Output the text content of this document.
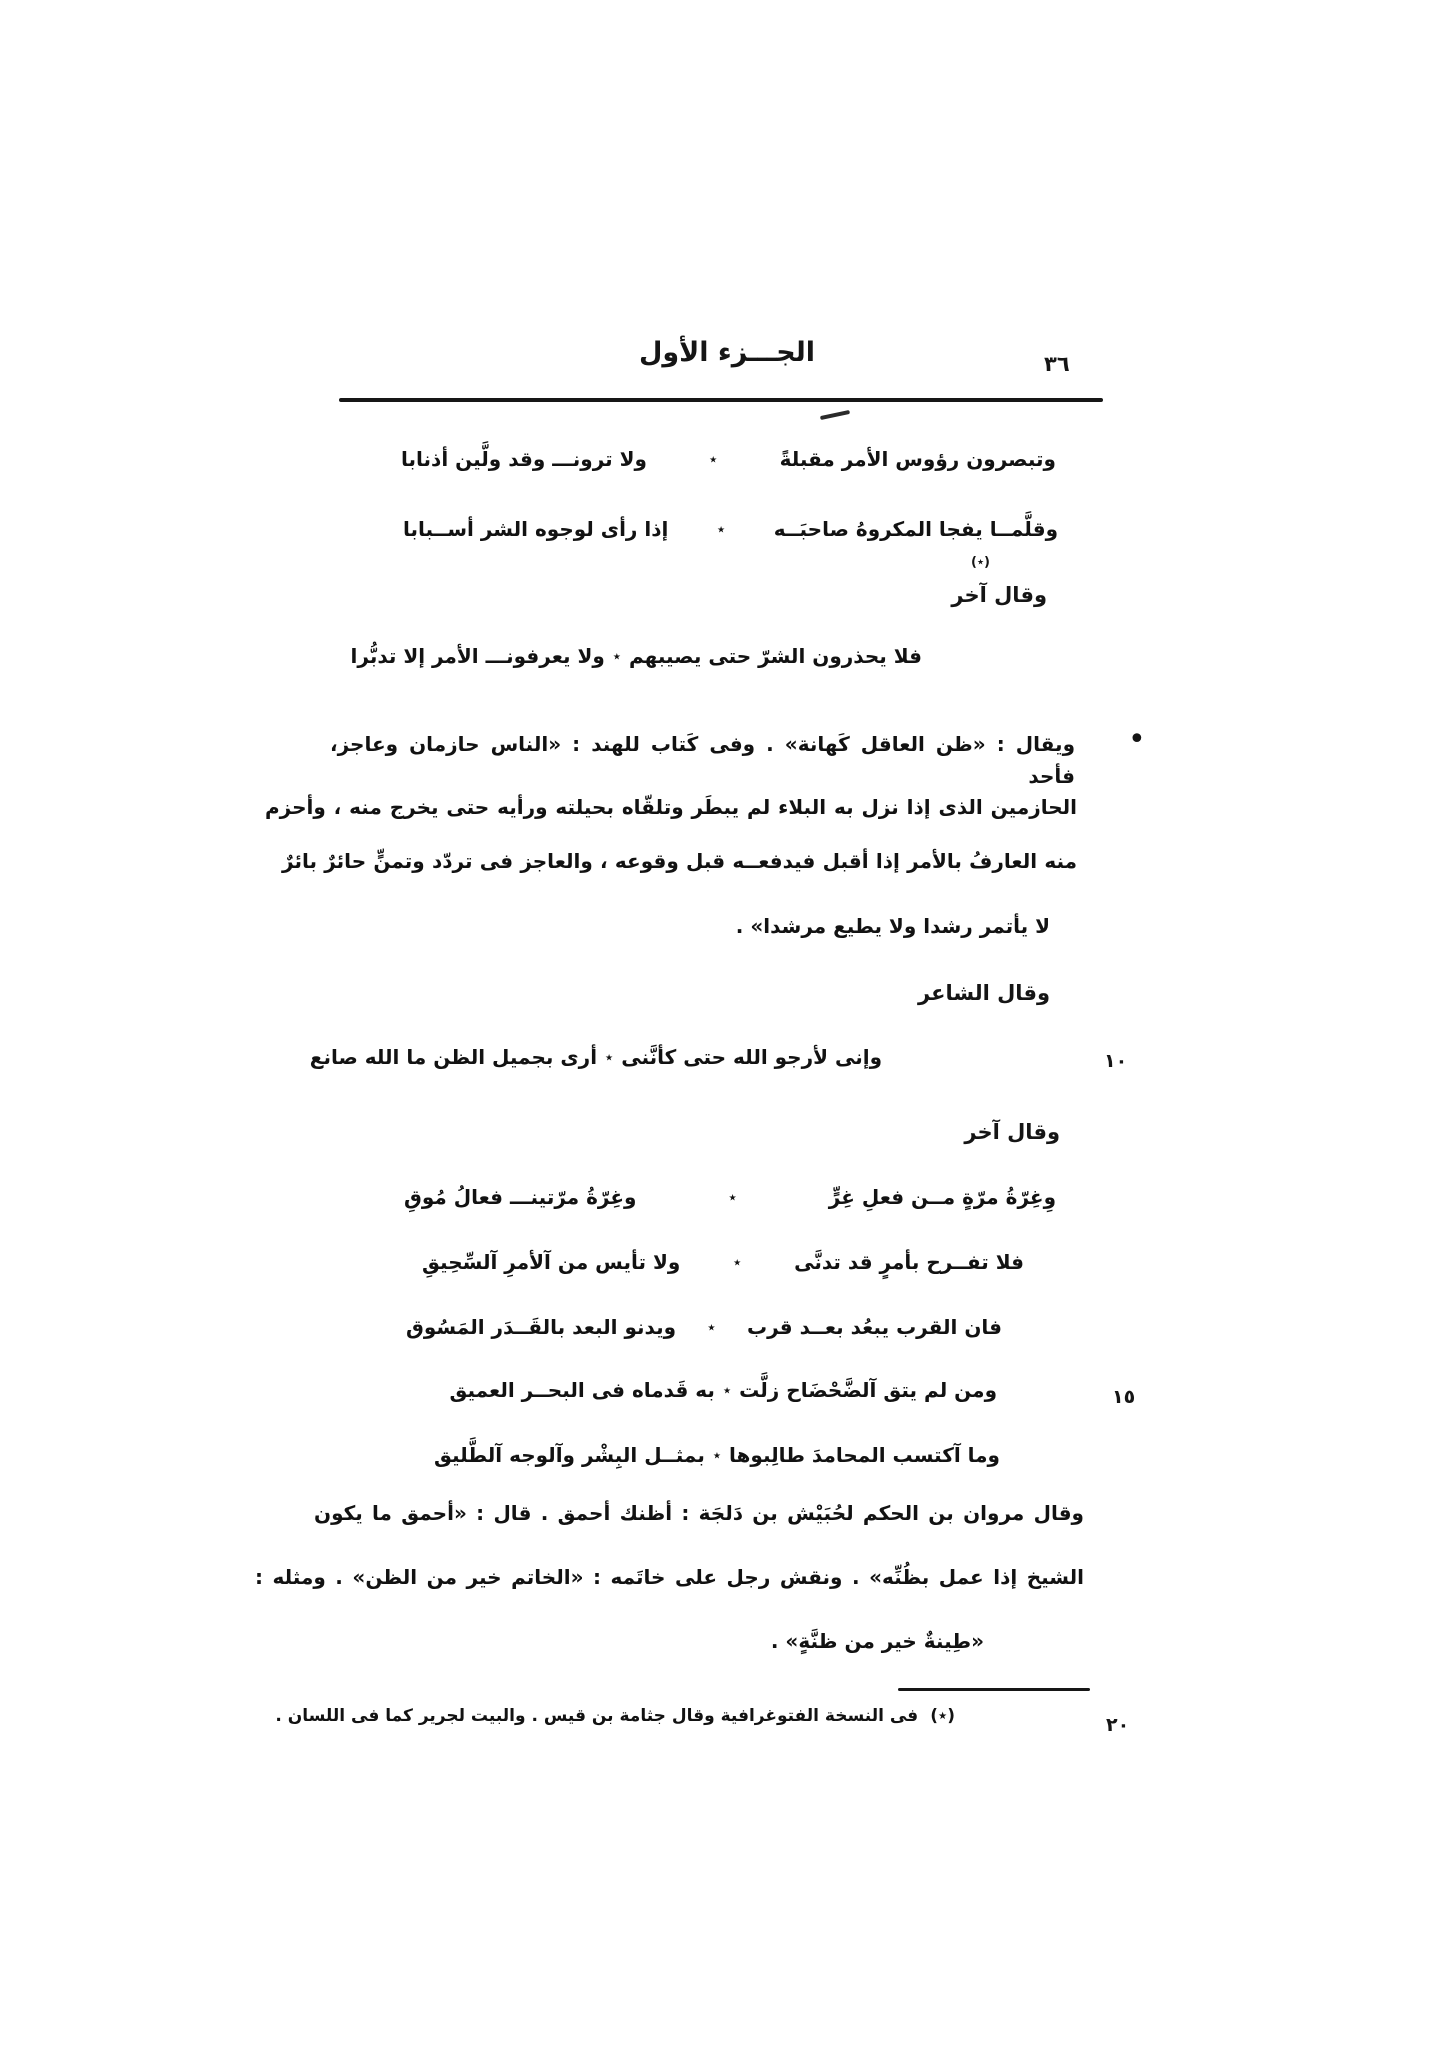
الجـــزء الأول	٣٦
وتبصرون رؤوس الأمر مقبلةً
٭
ولا ترونـــ وقد ولَّين أذنابا
وقلَّمــا يفجا المكروهُ صاحبَــه
٭
إذا رأى لوجوه الشر أســبابا
(٭)
وقال آخر
فلا يحذرون الشرّ حتى يصيبهم
٭
ولا يعرفونـــ الأمر إلا تدبُّرا
ويقال : «ظن العاقل كَهانة» . وفى كَتاب للهند : «الناس حازمان وعاجز، فأحد
الحازمين الذى إذا نزل به البلاء لم يبطَر وتلقّاه بحيلته ورأيه حتى يخرج منه ، وأحزم
منه العارفُ بالأمر إذا أقبل فيدفعــه قبل وقوعه ، والعاجز فى تردّد وتمنٍّ حائرٌ بائرٌ
لا يأتمر رشدا ولا يطيع مرشدا» .
وقال الشاعر
وإنى لأرجو الله حتى كأنَّنى
٭
أرى بجميل الظن ما الله صانع
وقال آخر
وِغِرّةُ مرّةٍ مــن فعلِ غِرٍّ
٭
وغِرّةُ مرّتينـــ فعالُ مُوقِ
فلا تفــرح بأمرٍ قد تدنَّى
٭
ولا تأيس من آلأمرِ آلسِّحِيقِ
فان القرب يبعُد بعــد قرب
٭
ويدنو البعد بالقَــدَر المَسُوق
ومن لم يتق آلضَّحْضَاح زلَّت
٭
به قَدماه فى البحــر العميق
وما آكتسب المحامدَ طالِبوها
٭
بمثــل البِشْر وآلوجه آلطَّليق
وقال مروان بن الحكم لحُبَيْش بن دَلجَة : أظنك أحمق . قال : «أحمق ما يكون
الشيخ إذا عمل بظُنِّه» . ونقش رجل على خاتَمه : «الخاتم خير من الظن» . ومثله :
«طِينةٌ خير من ظنَّةٍ» .
(٭)
فى النسخة الفتوغرافية وقال جثامة بن قيس . والبيت لجرير كما فى اللسان .
•
١٠
١٥
٢٠
